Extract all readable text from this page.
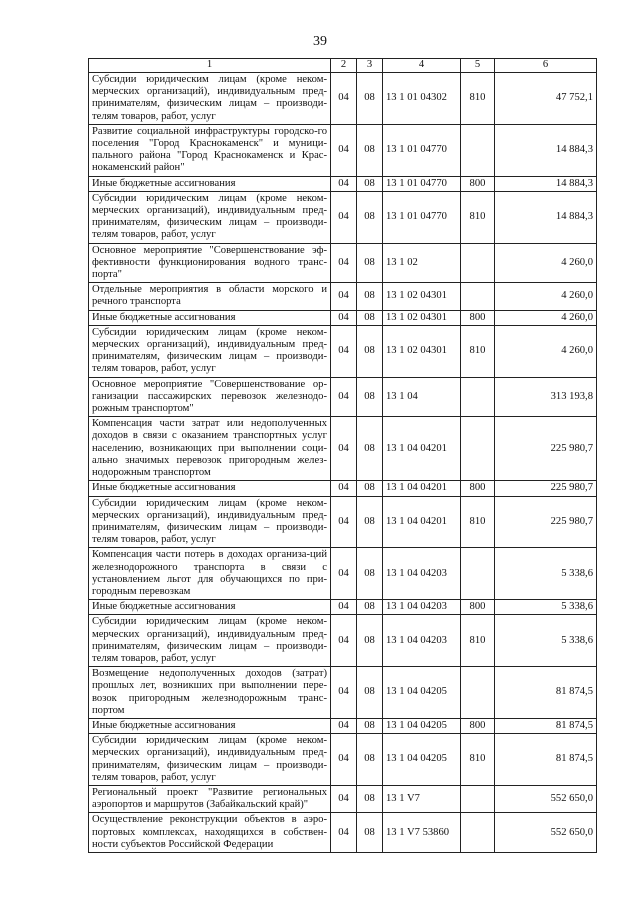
39
1	2	3	4	5	6
Субсидии юридическим лицам (кроме неком-мерческих организаций), индивидуальным пред-принимателям, физическим лицам – производи-телям товаров, работ, услуг	04	08	13 1 01 04302	810	47 752,1
Развитие социальной инфраструктуры городско-го поселения "Город Краснокаменск" и муници-пального района "Город Краснокаменск и Крас-нокаменский район"	04	08	13 1 01 04770		14 884,3
Иные бюджетные ассигнования	04	08	13 1 01 04770	800	14 884,3
Субсидии юридическим лицам (кроме неком-мерческих организаций), индивидуальным пред-принимателям, физическим лицам – производи-телям товаров, работ, услуг	04	08	13 1 01 04770	810	14 884,3
Основное мероприятие "Совершенствование эф-фективности функционирования водного транс-порта"	04	08	13 1 02		4 260,0
Отдельные мероприятия в области морского и речного транспорта	04	08	13 1 02 04301		4 260,0
Иные бюджетные ассигнования	04	08	13 1 02 04301	800	4 260,0
Субсидии юридическим лицам (кроме неком-мерческих организаций), индивидуальным пред-принимателям, физическим лицам – производи-телям товаров, работ, услуг	04	08	13 1 02 04301	810	4 260,0
Основное мероприятие "Совершенствование ор-ганизации пассажирских перевозок железнодо-рожным транспортом"	04	08	13 1 04		313 193,8
Компенсация части затрат или недополученных доходов в связи с оказанием транспортных услуг населению, возникающих при выполнении соци-ально значимых перевозок пригородным желез-нодорожным транспортом	04	08	13 1 04 04201		225 980,7
Иные бюджетные ассигнования	04	08	13 1 04 04201	800	225 980,7
Субсидии юридическим лицам (кроме неком-мерческих организаций), индивидуальным пред-принимателям, физическим лицам – производи-телям товаров, работ, услуг	04	08	13 1 04 04201	810	225 980,7
Компенсация части потерь в доходах организа-ций железнодорожного транспорта в связи с установлением льгот для обучающихся по при-городным перевозкам	04	08	13 1 04 04203		5 338,6
Иные бюджетные ассигнования	04	08	13 1 04 04203	800	5 338,6
Субсидии юридическим лицам (кроме неком-мерческих организаций), индивидуальным пред-принимателям, физическим лицам – производи-телям товаров, работ, услуг	04	08	13 1 04 04203	810	5 338,6
Возмещение недополученных доходов (затрат) прошлых лет, возникших при выполнении пере-возок пригородным железнодорожным транс-портом	04	08	13 1 04 04205		81 874,5
Иные бюджетные ассигнования	04	08	13 1 04 04205	800	81 874,5
Субсидии юридическим лицам (кроме неком-мерческих организаций), индивидуальным пред-принимателям, физическим лицам – производи-телям товаров, работ, услуг	04	08	13 1 04 04205	810	81 874,5
Региональный проект "Развитие региональных аэропортов и маршрутов (Забайкальский край)"	04	08	13 1 V7		552 650,0
Осуществление реконструкции объектов в аэро-портовых комплексах, находящихся в собствен-ности субъектов Российской Федерации	04	08	13 1 V7 53860		552 650,0
